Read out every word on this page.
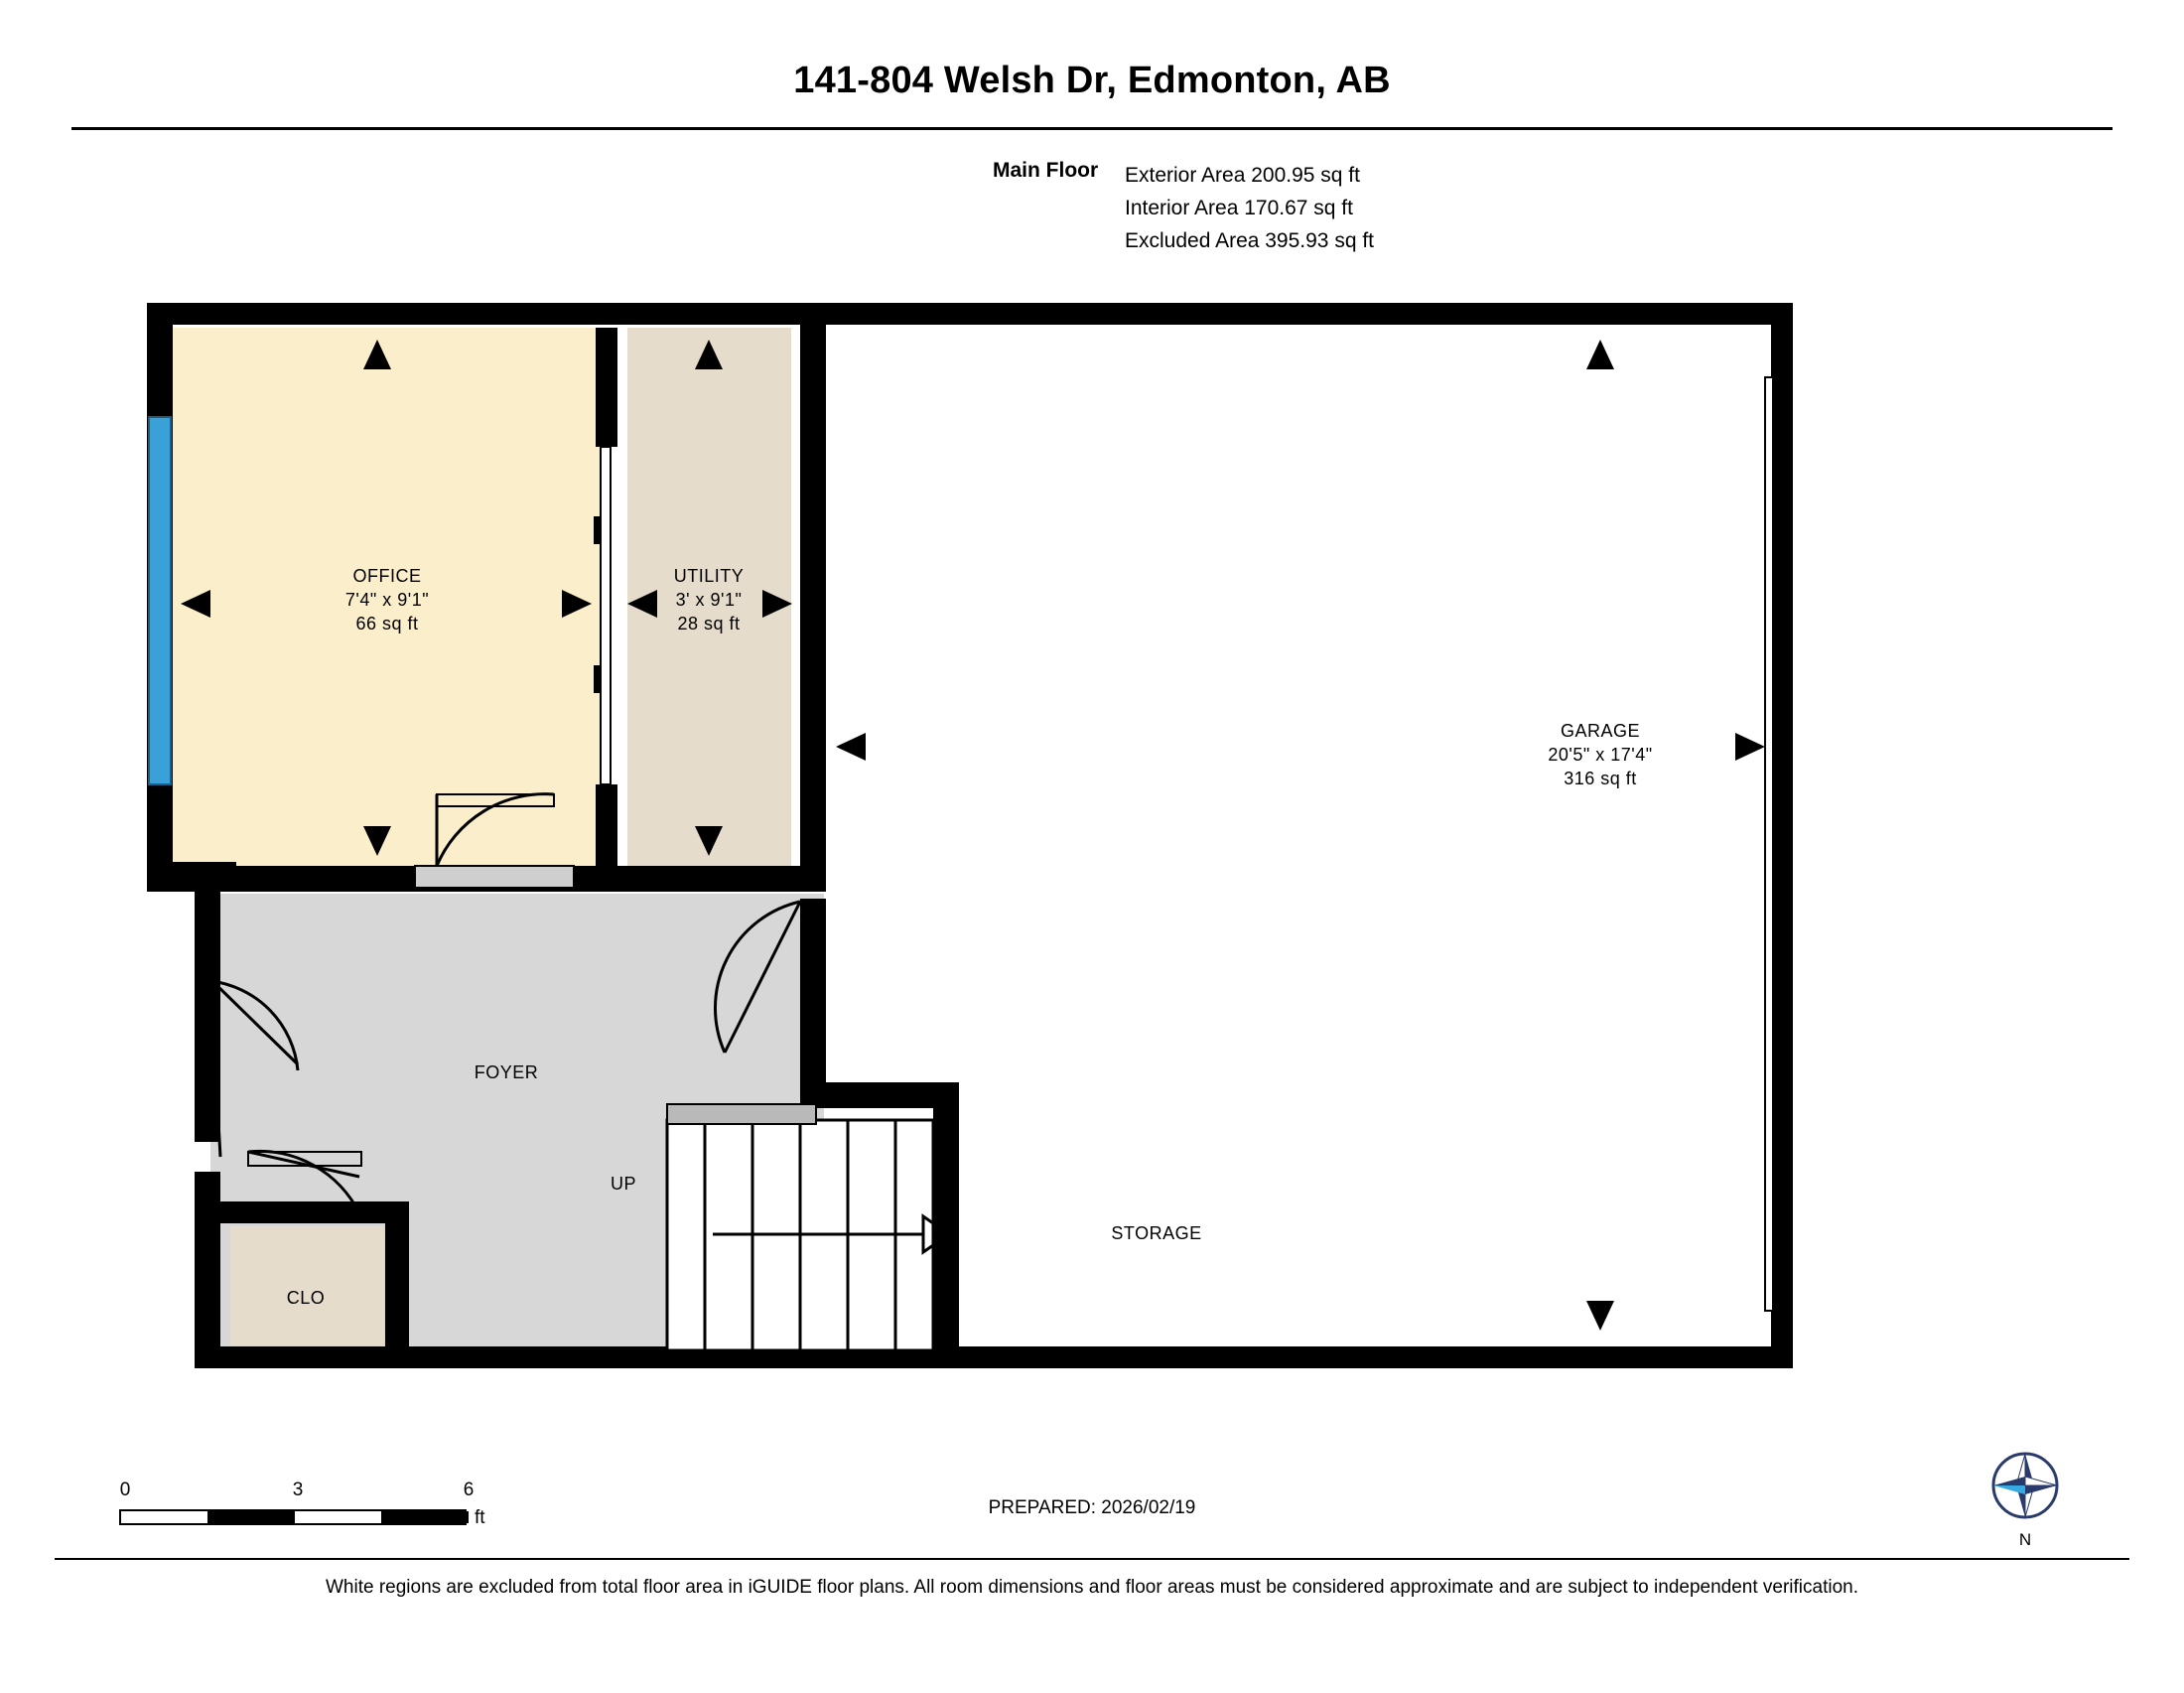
141-804 Welsh Dr, Edmonton, AB
Main Floor	Exterior Area 200.95 sq ft
Interior Area 170.67 sq ft
Excluded Area 395.93 sq ft
OFFICE
7'4" x 9'1"
66 sq ft
UTILITY
3' x 9'1"
28 sq ft
GARAGE
20'5" x 17'4"
316 sq ft
FOYER
CLO
STORAGE
UP
0	3	6
ft	PREPARED: 2026/02/19
N
White regions are excluded from total floor area in iGUIDE floor plans. All room dimensions and floor areas must be considered approximate and are subject to independent verification.
